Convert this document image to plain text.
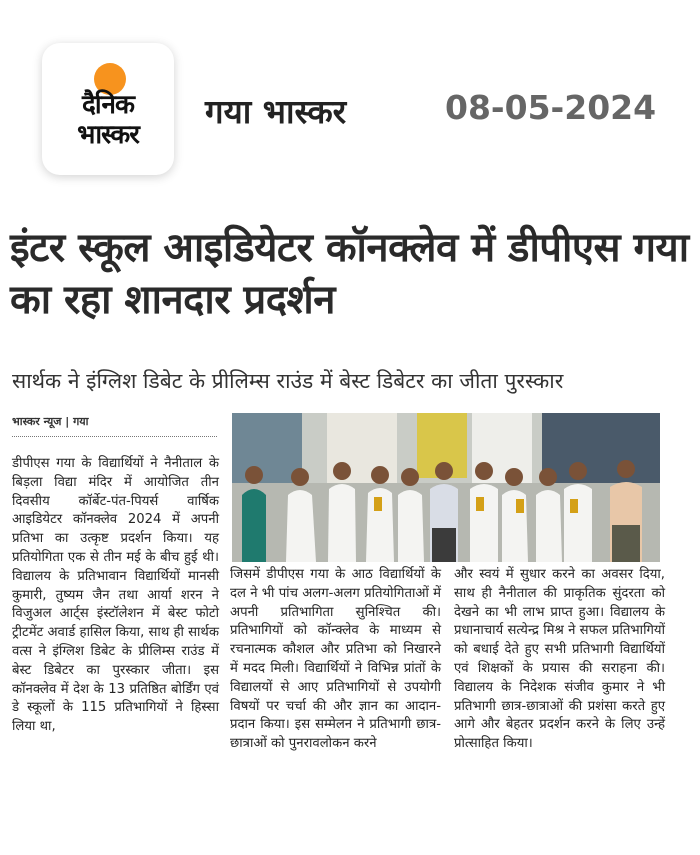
दैनिक
भास्कर
गया भास्कर	08-05-2024
इंटर स्कूल आइडियेटर कॉनक्लेव में डीपीएस गया का रहा शानदार प्रदर्शन
सार्थक ने इंग्लिश डिबेट के प्रीलिम्स राउंड में बेस्ट डिबेटर का जीता पुरस्कार
भास्कर न्यूज | गया
डीपीएस गया के विद्यार्थियों ने नैनीताल के बिड़ला विद्या मंदिर में आयोजित तीन दिवसीय कॉर्बेट-पंत-पियर्स वार्षिक आइडियेटर कॉनक्लेव 2024 में अपनी प्रतिभा का उत्कृष्ट प्रदर्शन किया। यह प्रतियोगिता एक से तीन मई के बीच हुई थी। विद्यालय के प्रतिभावान विद्यार्थियों मानसी कुमारी, तुष्यम जैन तथा आर्या शरन ने विजुअल आर्ट्स इंस्टॉलेशन में बेस्ट फोटो ट्रीटमेंट अवार्ड हासिल किया, साथ ही सार्थक वत्स ने इंग्लिश डिबेट के प्रीलिम्स राउंड में बेस्ट डिबेटर का पुरस्कार जीता। इस कॉनक्लेव में देश के 13 प्रतिष्ठित बोर्डिंग एवं डे स्कूलों के 115 प्रतिभागियों ने हिस्सा लिया था,
जिसमें डीपीएस गया के आठ विद्यार्थियों के दल ने भी पांच अलग-अलग प्रतियोगिताओं में अपनी प्रतिभागिता सुनिश्चित की। प्रतिभागियों को कॉन्क्लेव के माध्यम से रचनात्मक कौशल और प्रतिभा को निखारने में मदद मिली। विद्यार्थियों ने विभिन्न प्रांतों के विद्यालयों से आए प्रतिभागियों से उपयोगी विषयों पर चर्चा की और ज्ञान का आदान-प्रदान किया। इस सम्मेलन ने प्रतिभागी छात्र-छात्राओं को पुनरावलोकन करने
और स्वयं में सुधार करने का अवसर दिया, साथ ही नैनीताल की प्राकृतिक सुंदरता को देखने का भी लाभ प्राप्त हुआ। विद्यालय के प्रधानाचार्य सत्येन्द्र मिश्र ने सफल प्रतिभागियों को बधाई देते हुए सभी प्रतिभागी विद्यार्थियों एवं शिक्षकों के प्रयास की सराहना की। विद्यालय के निदेशक संजीव कुमार ने भी प्रतिभागी छात्र-छात्राओं की प्रशंसा करते हुए आगे और बेहतर प्रदर्शन करने के लिए उन्हें प्रोत्साहित किया।
